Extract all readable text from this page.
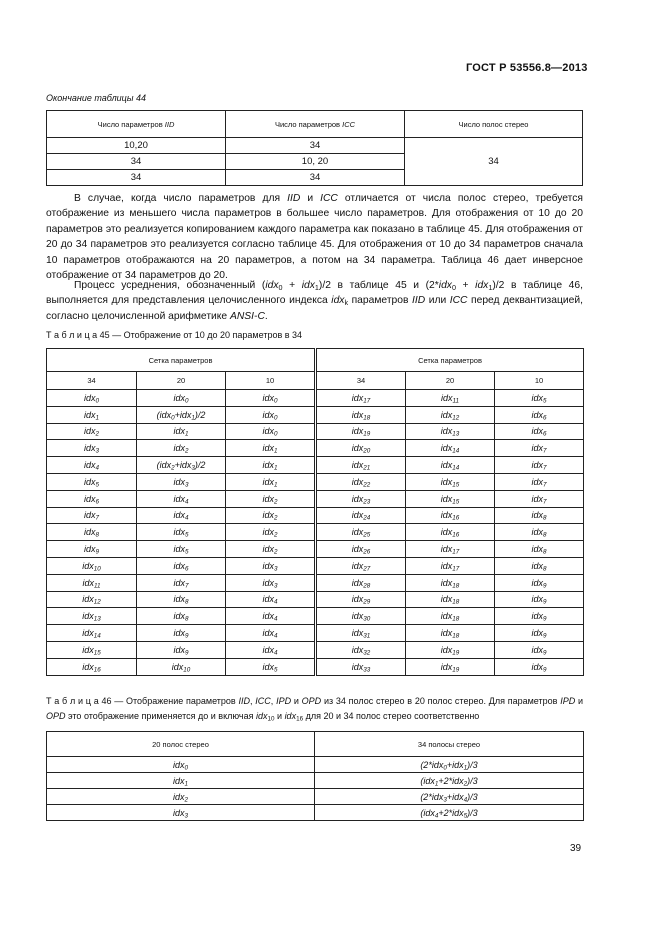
ГОСТ Р 53556.8—2013
Окончание таблицы 44
Число параметров IID	Число параметров ICC	Число полос стерео
10,20	34	34
34	10, 20	
34	34	
В случае, когда число параметров для IID и ICC отличается от числа полос стерео, требуется отображение из меньшего числа параметров в большее число параметров. Для отображения от 10 до 20 параметров это реализуется копированием каждого параметра как показано в таблице 45. Для отображения от 20 до 34 параметров это реализуется согласно таблице 45. Для отображения от 10 до 34 параметров сначала 10 параметров отображаются на 20 параметров, а потом на 34 параметра. Таблица 46 дает инверсное отображение от 34 параметров до 20.
Процесс усреднения, обозначенный (idx$_0$ + idx$_1$)/2 в таблице 45 и (2*idx$_0$ + idx$_1$)/2 в таблице 46, выполняется для представления целочисленного индекса idx$_k$ параметров IID или ICC перед деквантизацией, согласно целочисленной арифметике ANSI-C.
Т а б л и ц а 45 — Отображение от 10 до 20 параметров в 34
Сетка параметров		
34	20	10
idx$_0$	idx$_0$	idx$_0$
idx$_1$	(idx$_0$+idx$_1$)/2	idx$_0$
idx$_2$	idx$_1$	idx$_0$
idx$_3$	idx$_2$	idx$_1$
idx$_4$	(idx$_2$+idx$_3$)/2	idx$_1$
idx$_5$	idx$_3$	idx$_1$
idx$_6$	idx$_4$	idx$_2$
idx$_7$	idx$_4$	idx$_2$
idx$_8$	idx$_5$	idx$_2$
idx$_9$	idx$_5$	idx$_2$
idx$_{10}$	idx$_6$	idx$_3$
idx$_{11}$	idx$_7$	idx$_3$
idx$_{12}$	idx$_8$	idx$_4$
idx$_{13}$	idx$_8$	idx$_4$
idx$_{14}$	idx$_9$	idx$_4$
idx$_{15}$	idx$_9$	idx$_4$
idx$_{16}$	idx$_{10}$	idx$_5$
Сетка параметров		
34	20	10
idx$_{17}$	idx$_{11}$	idx$_5$
idx$_{18}$	idx$_{12}$	idx$_6$
idx$_{19}$	idx$_{13}$	idx$_6$
idx$_{20}$	idx$_{14}$	idx$_7$
idx$_{21}$	idx$_{14}$	idx$_7$
idx$_{22}$	idx$_{15}$	idx$_7$
idx$_{23}$	idx$_{15}$	idx$_7$
idx$_{24}$	idx$_{16}$	idx$_8$
idx$_{25}$	idx$_{16}$	idx$_8$
idx$_{26}$	idx$_{17}$	idx$_8$
idx$_{27}$	idx$_{17}$	idx$_8$
idx$_{28}$	idx$_{18}$	idx$_9$
idx$_{29}$	idx$_{18}$	idx$_9$
idx$_{30}$	idx$_{18}$	idx$_9$
idx$_{31}$	idx$_{18}$	idx$_9$
idx$_{32}$	idx$_{19}$	idx$_9$
idx$_{33}$	idx$_{19}$	idx$_9$
Т а б л и ц а 46 — Отображение параметров IID, ICC, IPD и OPD из 34 полос стерео в 20 полос стерео. Для параметров IPD и OPD это отображение применяется до и включая idx$_{10}$ и idx$_{16}$ для 20 и 34 полос стерео соответственно
20 полос стерео	34 полосы стерео
idx$_0$	(2*idx$_0$+idx$_1$)/3
idx$_1$	(idx$_1$+2*idx$_2$)/3
idx$_2$	(2*idx$_3$+idx$_4$)/3
idx$_3$	(idx$_4$+2*idx$_5$)/3
39
